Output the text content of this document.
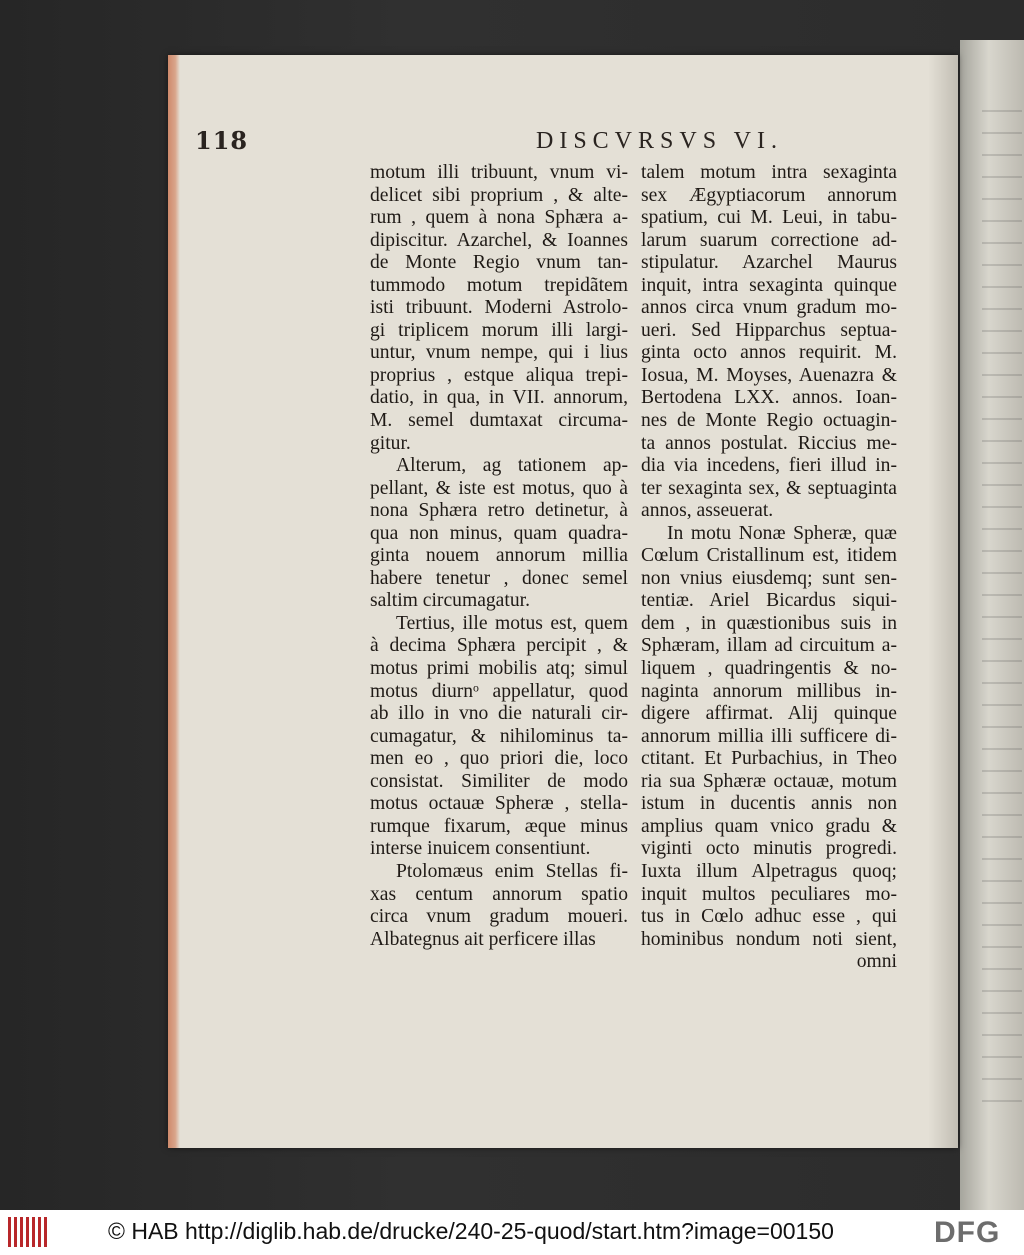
118	DISCVRSVS VI.
motum illi tribuunt, vnum vi-
delicet sibi proprium , & alte-
rum , quem à nona Sphæra a-
dipiscitur. Azarchel, & Ioannes
de Monte Regio vnum tan-
tummodo motum trepidãtem
isti tribuunt. Moderni Astrolo-
gi triplicem morum illi largi-
untur, vnum nempe, qui i lius
proprius , estque aliqua trepi-
datio, in qua, in VII. annorum,
M. semel dumtaxat circuma-
gitur.
Alterum, ag tationem ap-
pellant, & iste est motus, quo à
nona Sphæra retro detinetur, à
qua non minus, quam quadra-
ginta nouem annorum millia
habere tenetur , donec semel
saltim circumagatur.
Tertius, ille motus est, quem
à decima Sphæra percipit , &
motus primi mobilis atq; simul
motus diurnᵒ appellatur, quod
ab illo in vno die naturali cir-
cumagatur, & nihilominus ta-
men eo , quo priori die, loco
consistat. Similiter de modo
motus octauæ Spheræ , stella-
rumque fixarum, æque minus
interse inuicem consentiunt.
Ptolomæus enim Stellas fi-
xas centum annorum spatio
circa vnum gradum moueri.
Albategnus ait perficere illas
talem motum intra sexaginta
sex Ægyptiacorum annorum
spatium, cui M. Leui, in tabu-
larum suarum correctione ad-
stipulatur. Azarchel Maurus
inquit, intra sexaginta quinque
annos circa vnum gradum mo-
ueri. Sed Hipparchus septua-
ginta octo annos requirit. M.
Iosua, M. Moyses, Auenazra &
Bertodena LXX. annos. Ioan-
nes de Monte Regio octuagin-
ta annos postulat. Riccius me-
dia via incedens, fieri illud in-
ter sexaginta sex, & septuaginta
annos, asseuerat.
In motu Nonæ Spheræ, quæ
Cœlum Cristallinum est, itidem
non vnius eiusdemq; sunt sen-
tentiæ. Ariel Bicardus siqui-
dem , in quæstionibus suis in
Sphæram, illam ad circuitum a-
liquem , quadringentis & no-
naginta annorum millibus in-
digere affirmat. Alij quinque
annorum millia illi sufficere di-
ctitant. Et Purbachius, in Theo
ria sua Sphæræ octauæ, motum
istum in ducentis annis non
amplius quam vnico gradu &
viginti octo minutis progredi.
Iuxta illum Alpetragus quoq;
inquit multos peculiares mo-
tus in Cœlo adhuc esse , qui
hominibus nondum noti sient,
omni
© HAB http://diglib.hab.de/drucke/240-25-quod/start.htm?image=00150	DFG
